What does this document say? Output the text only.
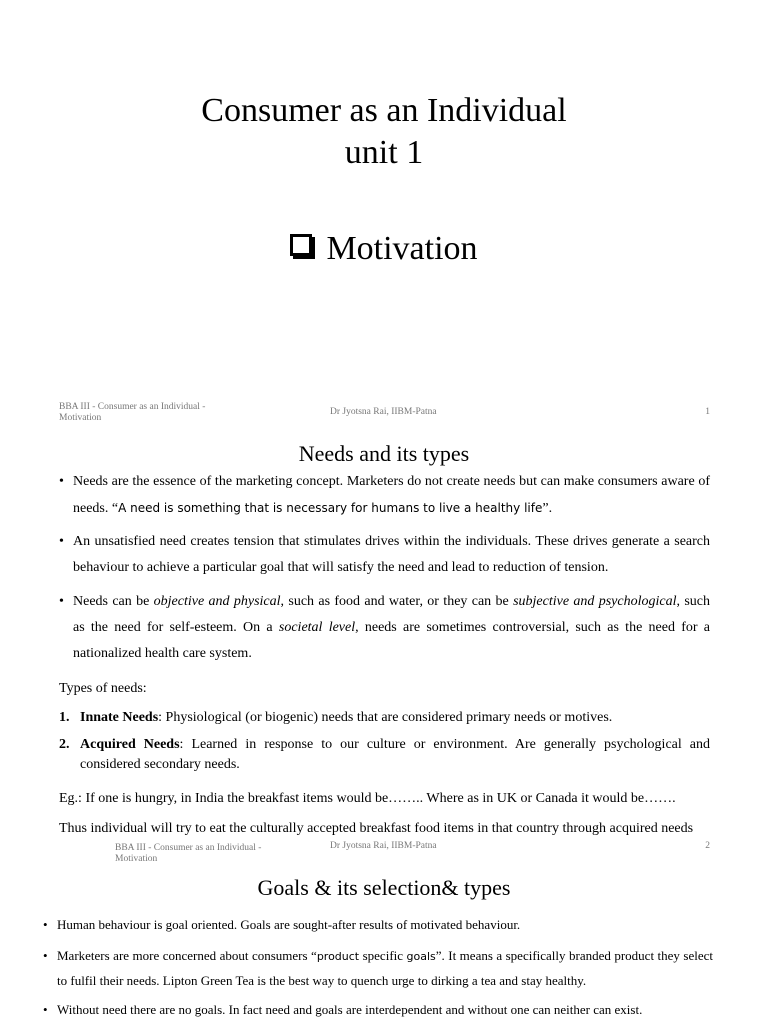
Consumer as an Individual
unit 1
Motivation
BBA III - Consumer as an Individual -
Motivation
Dr Jyotsna Rai, IIBM-Patna	1
Needs and its types
• Needs are the essence of the marketing concept. Marketers do not create needs but can make consumers aware of needs. “A need is something that is necessary for humans to live a healthy life”.
• An unsatisfied need creates tension that stimulates drives within the individuals. These drives generate a search behaviour to achieve a particular goal that will satisfy the need and lead to reduction of tension.
• Needs can be objective and physical, such as food and water, or they can be subjective and psychological, such as the need for self-esteem. On a societal level, needs are sometimes controversial, such as the need for a nationalized health care system.
Types of needs:
1. Innate Needs: Physiological (or biogenic) needs that are considered primary needs or motives.
2. Acquired Needs: Learned in response to our culture or environment. Are generally psychological and considered secondary needs.
Eg.: If one is hungry, in India the breakfast items would be…….. Where as in UK or Canada it would be…….
Thus individual will try to eat the culturally accepted breakfast food items in that country through acquired needs
BBA III - Consumer as an Individual -
Motivation
Dr Jyotsna Rai, IIBM-Patna	2
Goals & its selection& types
• Human behaviour is goal oriented. Goals are sought-after results of motivated behaviour.
• Marketers are more concerned about consumers “product specific goals”. It means a specifically branded product they select to fulfil their needs. Lipton Green Tea is the best way to quench urge to dirking a tea and stay healthy.
• Without need there are no goals. In fact need and goals are interdependent and without one can neither can exist.
